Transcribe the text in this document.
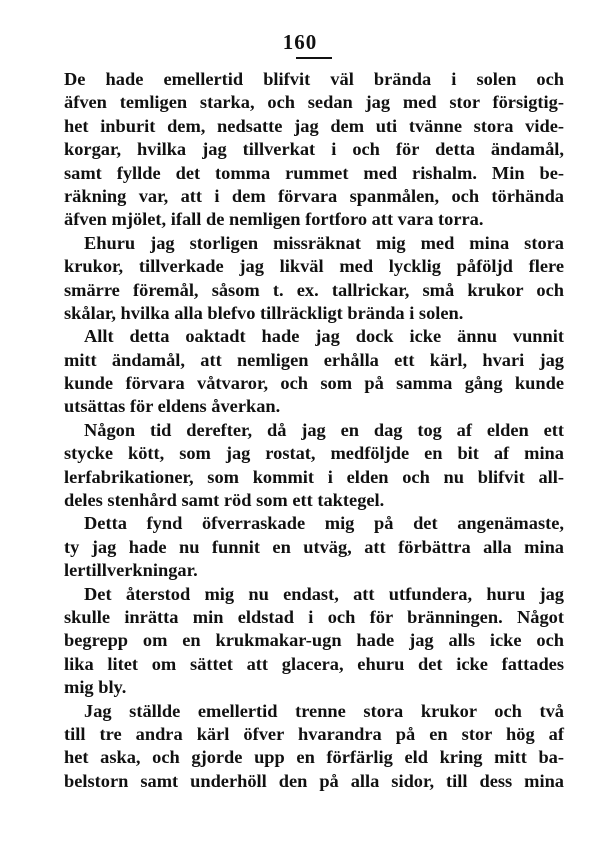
160
De hade emellertid blifvit väl brända i solen och
äfven temligen starka, och sedan jag med stor försigtig-
het inburit dem, nedsatte jag dem uti tvänne stora vide-
korgar, hvilka jag tillverkat i och för detta ändamål,
samt fyllde det tomma rummet med rishalm. Min be-
räkning var, att i dem förvara spanmålen, och törhända
äfven mjölet, ifall de nemligen fortforo att vara torra.
Ehuru jag storligen missräknat mig med mina stora
krukor, tillverkade jag likväl med lycklig påföljd flere
smärre föremål, såsom t. ex. tallrickar, små krukor och
skålar, hvilka alla blefvo tillräckligt brända i solen.
Allt detta oaktadt hade jag dock icke ännu vunnit
mitt ändamål, att nemligen erhålla ett kärl, hvari jag
kunde förvara våtvaror, och som på samma gång kunde
utsättas för eldens åverkan.
Någon tid derefter, då jag en dag tog af elden ett
stycke kött, som jag rostat, medföljde en bit af mina
lerfabrikationer, som kommit i elden och nu blifvit all-
deles stenhård samt röd som ett taktegel.
Detta fynd öfverraskade mig på det angenämaste,
ty jag hade nu funnit en utväg, att förbättra alla mina
lertillverkningar.
Det återstod mig nu endast, att utfundera, huru jag
skulle inrätta min eldstad i och för bränningen. Något
begrepp om en krukmakar-ugn hade jag alls icke och
lika litet om sättet att glacera, ehuru det icke fattades
mig bly.
Jag ställde emellertid trenne stora krukor och två
till tre andra kärl öfver hvarandra på en stor hög af
het aska, och gjorde upp en förfärlig eld kring mitt ba-
belstorn samt underhöll den på alla sidor, till dess mina
